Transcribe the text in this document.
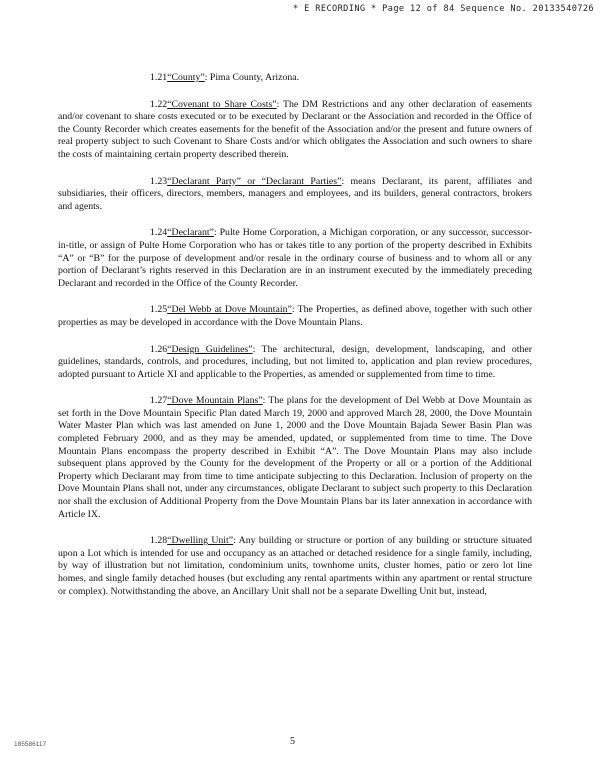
* E RECORDING * Page 12 of 84 Sequence No. 20133540726

1.21“County”: Pima County, Arizona.

1.22“Covenant to Share Costs”: The DM Restrictions and any other declaration of easements and/or covenant to share costs executed or to be executed by Declarant or the Association and recorded in the Office of the County Recorder which creates easements for the benefit of the Association and/or the present and future owners of real property subject to such Covenant to Share Costs and/or which obligates the Association and such owners to share the costs of maintaining certain property described therein.

1.23“Declarant Party” or “Declarant Parties”: means Declarant, its parent, affiliates and subsidiaries, their officers, directors, members, managers and employees, and its builders, general contractors, brokers and agents.

1.24“Declarant”: Pulte Home Corporation, a Michigan corporation, or any successor, successor-in-title, or assign of Pulte Home Corporation who has or takes title to any portion of the property described in Exhibits “A” or “B” for the purpose of development and/or resale in the ordinary course of business and to whom all or any portion of Declarant’s rights reserved in this Declaration are in an instrument executed by the immediately preceding Declarant and recorded in the Office of the County Recorder.

1.25“Del Webb at Dove Mountain”: The Properties, as defined above, together with such other properties as may be developed in accordance with the Dove Mountain Plans.

1.26“Design Guidelines”: The architectural, design, development, landscaping, and other guidelines, standards, controls, and procedures, including, but not limited to, application and plan review procedures, adopted pursuant to Article XI and applicable to the Properties, as amended or supplemented from time to time.

1.27“Dove Mountain Plans”: The plans for the development of Del Webb at Dove Mountain as set forth in the Dove Mountain Specific Plan dated March 19, 2000 and approved March 28, 2000, the Dove Mountain Water Master Plan which was last amended on June 1, 2000 and the Dove Mountain Bajada Sewer Basin Plan was completed February 2000, and as they may be amended, updated, or supplemented from time to time. The Dove Mountain Plans encompass the property described in Exhibit “A”. The Dove Mountain Plans may also include subsequent plans approved by the County for the development of the Property or all or a portion of the Additional Property which Declarant may from time to time anticipate subjecting to this Declaration. Inclusion of property on the Dove Mountain Plans shall not, under any circumstances, obligate Declarant to subject such property to this Declaration nor shall the exclusion of Additional Property from the Dove Mountain Plans bar its later annexation in accordance with Article IX.

1.28“Dwelling Unit”: Any building or structure or portion of any building or structure situated upon a Lot which is intended for use and occupancy as an attached or detached residence for a single family, including, by way of illustration but not limitation, condominium units, townhome units, cluster homes, patio or zero lot line homes, and single family detached houses (but excluding any rental apartments within any apartment or rental structure or complex). Notwithstanding the above, an Ancillary Unit shall not be a separate Dwelling Unit but, instead,

185586117	5
